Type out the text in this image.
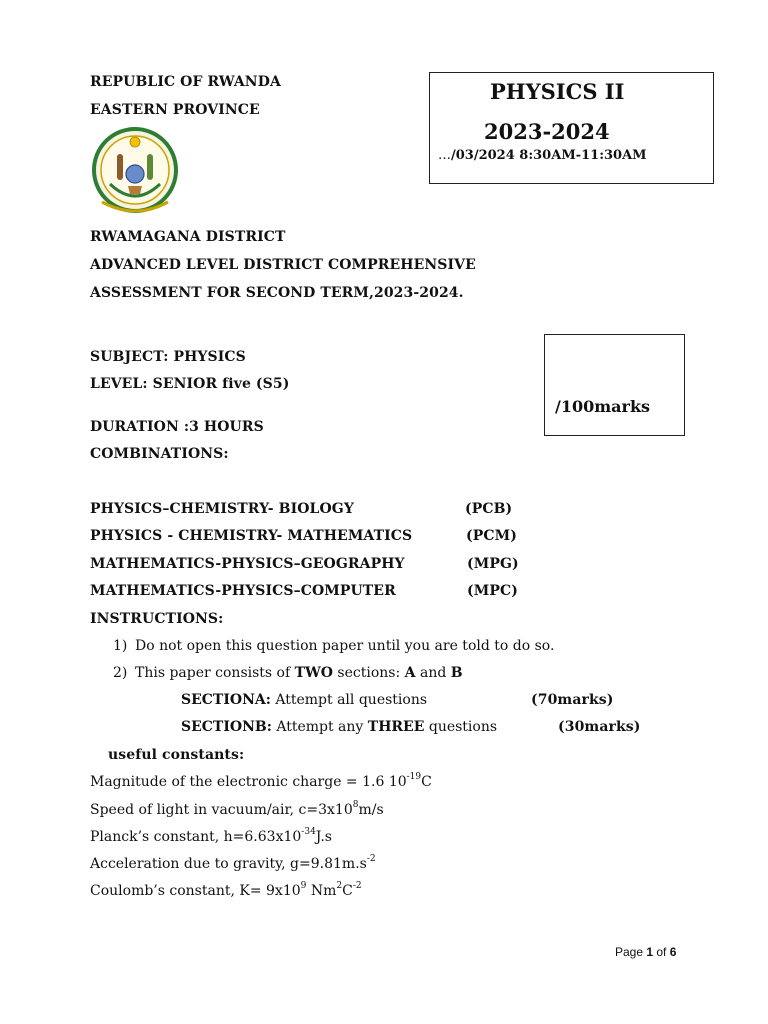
REPUBLIC OF RWANDA
EASTERN PROVINCE
RWAMAGANA DISTRICT
ADVANCED LEVEL DISTRICT COMPREHENSIVE
ASSESSMENT FOR SECOND TERM,2023-2024.
PHYSICS II
2023-2024
…/03/2024 8:30AM-11:30AM
SUBJECT: PHYSICS
LEVEL: SENIOR five (S5)
DURATION :3 HOURS
COMBINATIONS:
/100marks
PHYSICS–CHEMISTRY- BIOLOGY	(PCB)
PHYSICS - CHEMISTRY- MATHEMATICS	(PCM)
MATHEMATICS-PHYSICS–GEOGRAPHY	(MPG)
MATHEMATICS-PHYSICS–COMPUTER	(MPC)
INSTRUCTIONS:
1) Do not open this question paper until you are told to do so.
2) This paper consists of TWO sections: A and B
SECTIONA: Attempt all questions	(70marks)
SECTIONB: Attempt any THREE questions	(30marks)
useful constants:
Magnitude of the electronic charge = 1.6 $10^{-19}C$
Speed of light in vacuum/air, $c=3x10^8m/s$
Planck’s constant, $h=6.63x10^{-34}J.s$
Acceleration due to gravity, $g=9.81m.s^{-2}$
Coulomb’s constant, $K= 9x10^9$ $Nm^2C^{-2}$
Page 1 of 6
